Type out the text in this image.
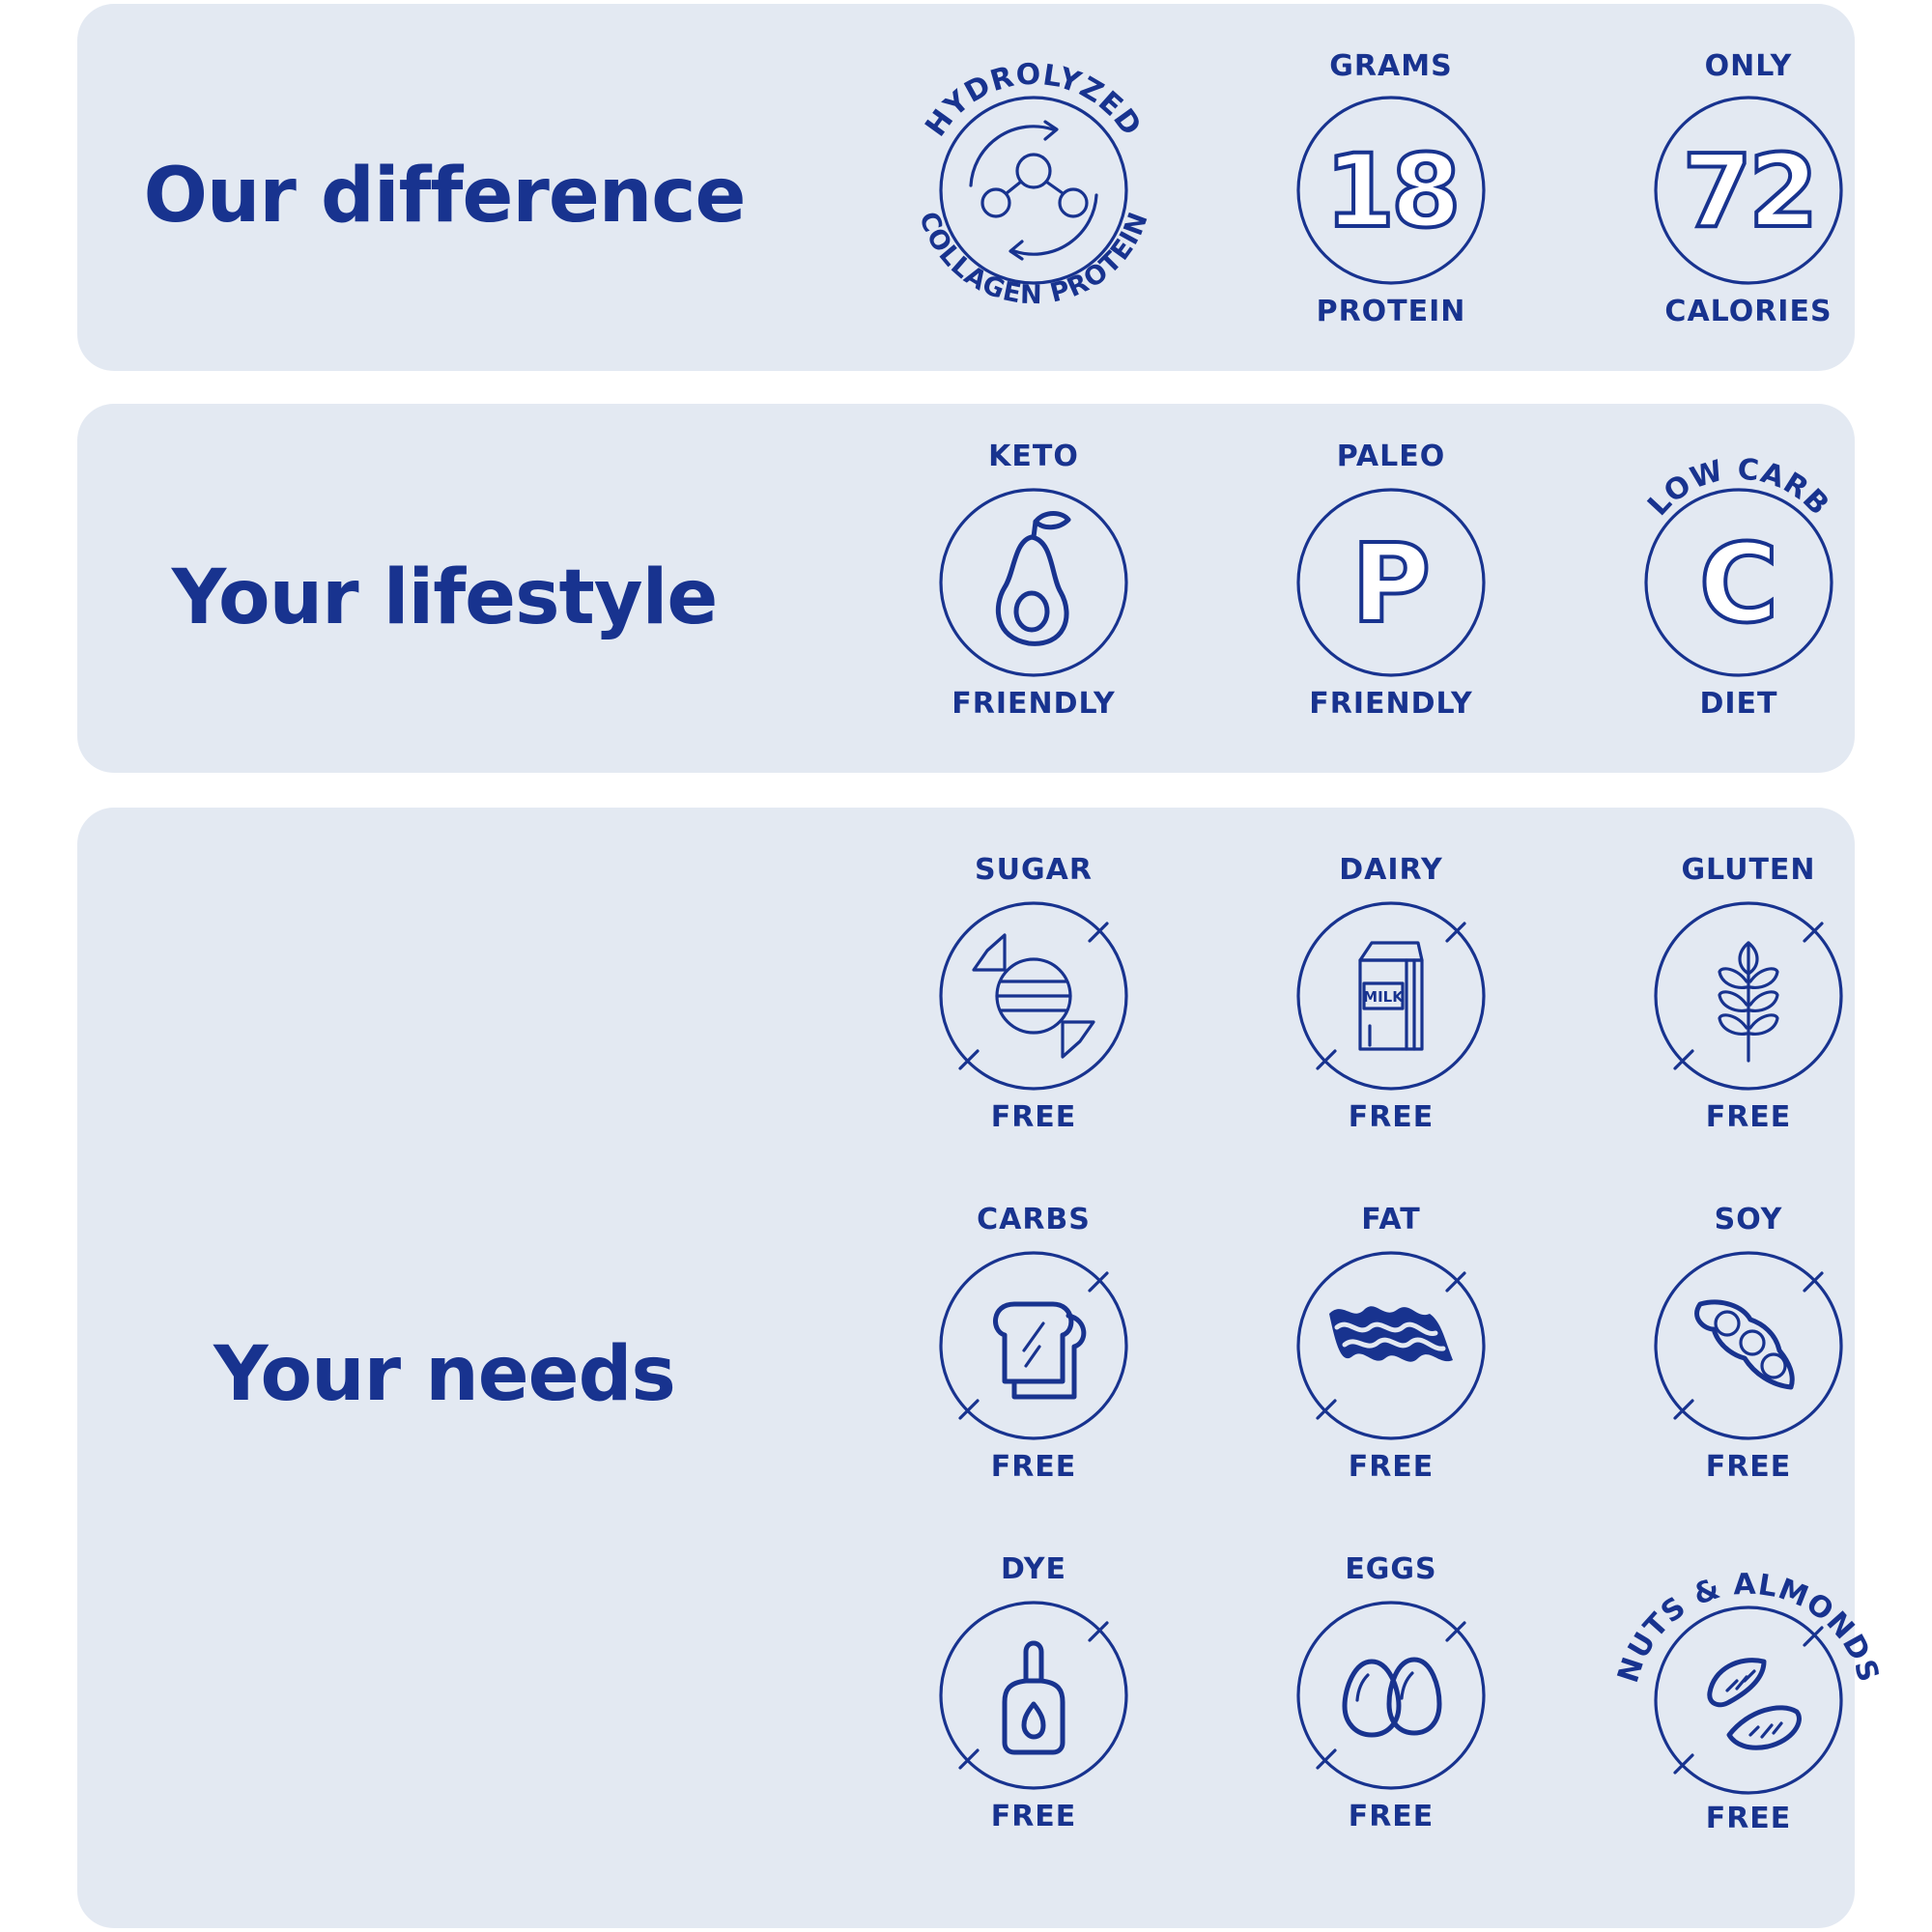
Our difference
HYDROLYZED
COLLAGEN PROTEIN
GRAMS
18
PROTEIN
ONLY
72
CALORIES
Your lifestyle
KETO
FRIENDLY
PALEO
P
FRIENDLY
LOW CARB
C
DIET
Your needs
SUGAR
FREE
DAIRY
MILK
FREE
GLUTEN
FREE
CARBS
FREE
FAT
FREE
SOY
FREE
DYE
FREE
EGGS
FREE
NUTS & ALMONDS
FREE
